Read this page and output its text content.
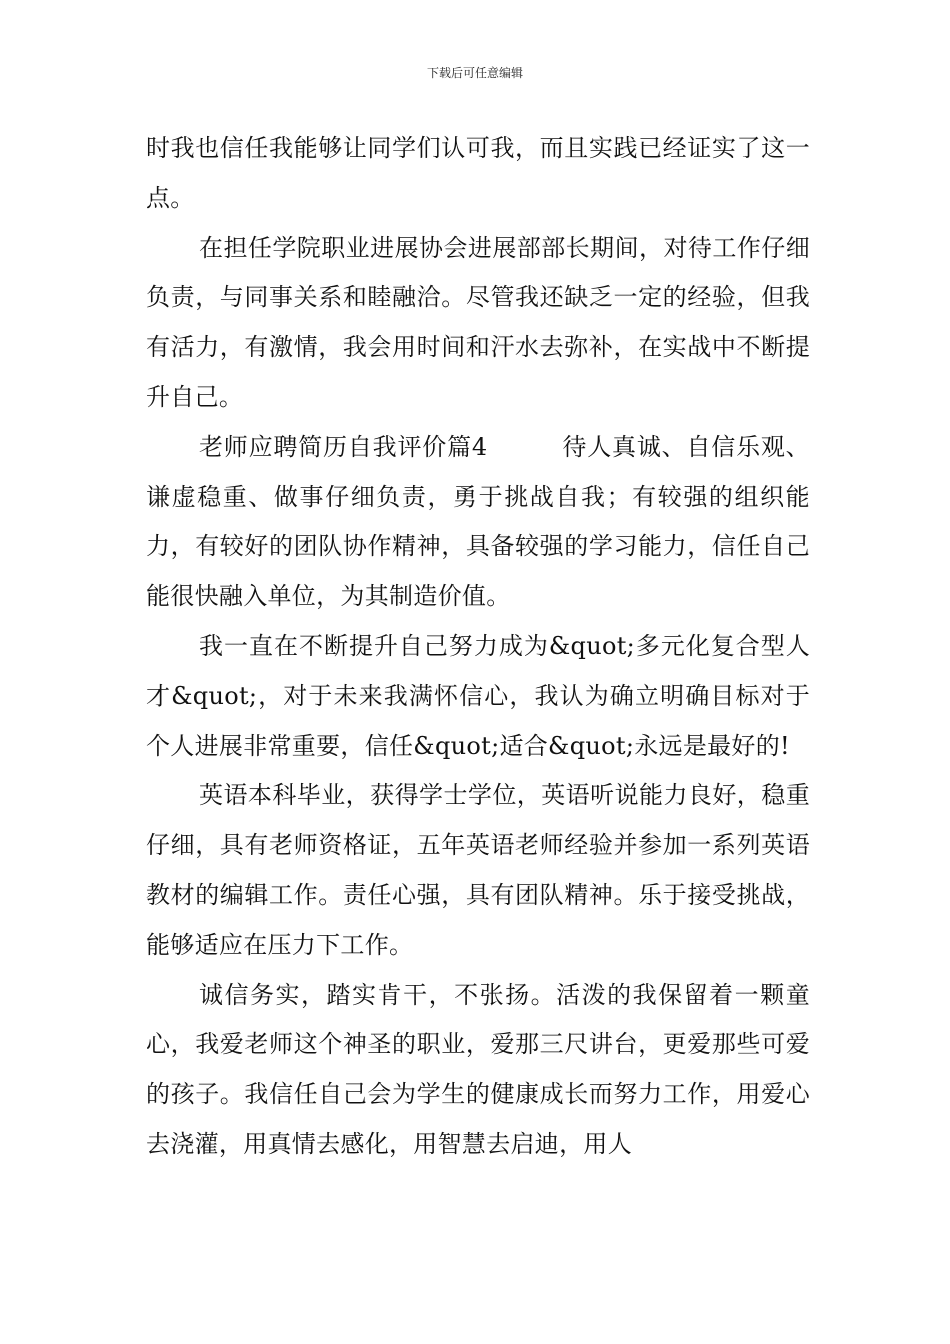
下载后可任意编辑

时我也信任我能够让同学们认可我，而且实践已经证实了这一点。

在担任学院职业进展协会进展部部长期间，对待工作仔细负责，与同事关系和睦融洽。尽管我还缺乏一定的经验，但我有活力，有激情，我会用时间和汗水去弥补，在实战中不断提升自己。

老师应聘简历自我评价篇4　　　待人真诚、自信乐观、谦虚稳重、做事仔细负责，勇于挑战自我；有较强的组织能力，有较好的团队协作精神，具备较强的学习能力，信任自己能很快融入单位，为其制造价值。

我一直在不断提升自己努力成为&quot;多元化复合型人才&quot;，对于未来我满怀信心，我认为确立明确目标对于个人进展非常重要，信任&quot;适合&quot;永远是最好的!

英语本科毕业，获得学士学位，英语听说能力良好，稳重仔细，具有老师资格证，五年英语老师经验并参加一系列英语教材的编辑工作。责任心强，具有团队精神。乐于接受挑战，能够适应在压力下工作。

诚信务实，踏实肯干，不张扬。活泼的我保留着一颗童心，我爱老师这个神圣的职业，爱那三尺讲台，更爱那些可爱的孩子。我信任自己会为学生的健康成长而努力工作，用爱心去浇灌，用真情去感化，用智慧去启迪，用人
